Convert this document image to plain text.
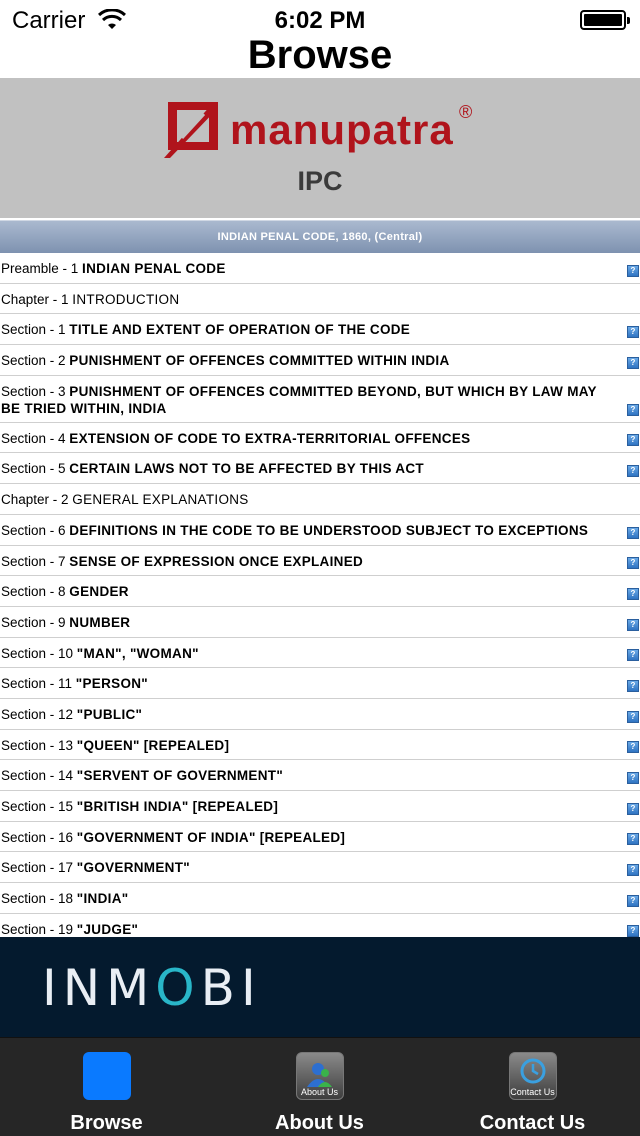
Carrier	6:02 PM
Browse
manupatra ®
IPC
INDIAN PENAL CODE, 1860, (Central)
Preamble - 1 INDIAN PENAL CODE	?
Chapter - 1 INTRODUCTION
Section - 1 TITLE AND EXTENT OF OPERATION OF THE CODE	?
Section - 2 PUNISHMENT OF OFFENCES COMMITTED WITHIN INDIA	?
Section - 3 PUNISHMENT OF OFFENCES COMMITTED BEYOND, BUT WHICH BY LAW MAY BE TRIED WITHIN, INDIA	?
Section - 4 EXTENSION OF CODE TO EXTRA-TERRITORIAL OFFENCES	?
Section - 5 CERTAIN LAWS NOT TO BE AFFECTED BY THIS ACT	?
Chapter - 2 GENERAL EXPLANATIONS
Section - 6 DEFINITIONS IN THE CODE TO BE UNDERSTOOD SUBJECT TO EXCEPTIONS	?
Section - 7 SENSE OF EXPRESSION ONCE EXPLAINED	?
Section - 8 GENDER	?
Section - 9 NUMBER	?
Section - 10 "MAN", "WOMAN"	?
Section - 11 "PERSON"	?
Section - 12 "PUBLIC"	?
Section - 13 "QUEEN" [REPEALED]	?
Section - 14 "SERVENT OF GOVERNMENT"	?
Section - 15 "BRITISH INDIA" [REPEALED]	?
Section - 16 "GOVERNMENT OF INDIA" [REPEALED]	?
Section - 17 "GOVERNMENT"	?
Section - 18 "INDIA"	?
Section - 19 "JUDGE"	?
INMOBI
Browse
About Us
About Us
Contact Us
Contact Us
